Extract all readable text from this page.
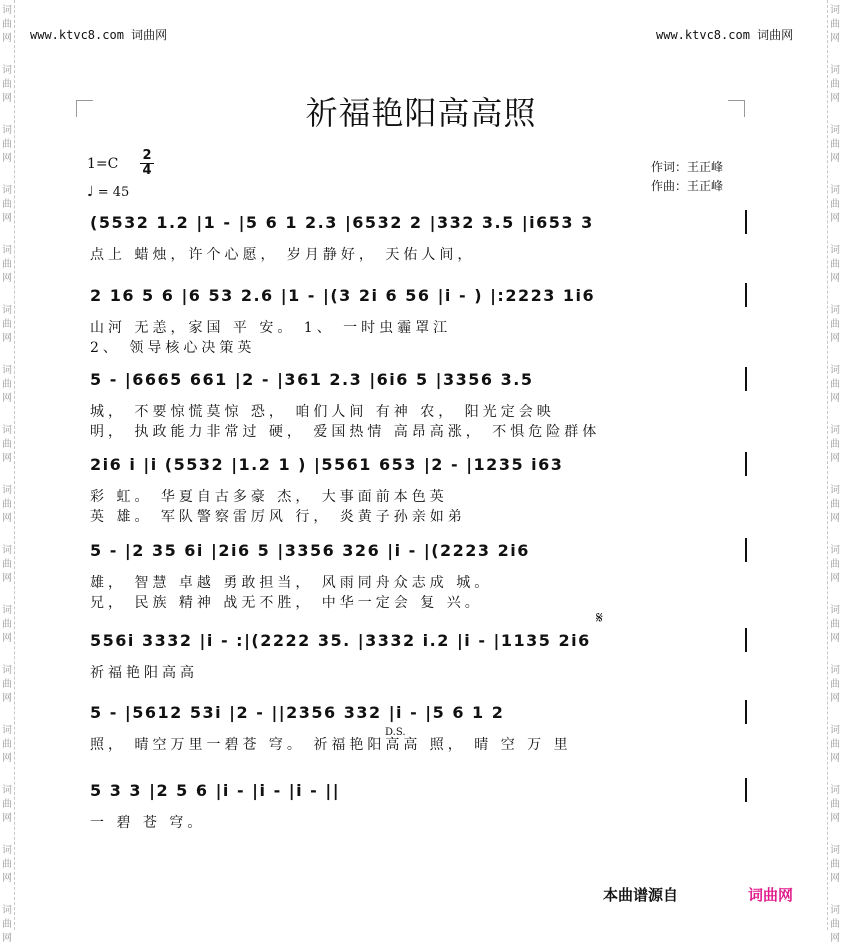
词
曲
网
词
曲
网
词
曲
网
词
曲
网
词
曲
网
词
曲
网
词
曲
网
词
曲
网
词
曲
网
词
曲
网
词
曲
网
词
曲
网
词
曲
网
词
曲
网
词
曲
网
词
曲
网
词
曲
网
词
曲
网
词
曲
网
词
曲
网
词
曲
网
词
曲
网
词
曲
网
词
曲
网
词
曲
网
词
曲
网
词
曲
网
词
曲
网
词
曲
网
词
曲
网
词
曲
网
词
曲
网
www.ktvc8.com 词曲网	www.ktvc8.com 词曲网
祈福艳阳高高照
1=C
2
4
♩ = 45
作词：王正峰
作曲：王正峰
(5532 1.2 |1 - |5 6 1 2.3 |6532 2 |332 3.5 |i653 3
点上 蜡烛，许个心愿， 岁月静好， 天佑人间，
2 16 5 6 |6 53 2.6 |1 - |(3 2i 6 56 |i - ) |:2223 1i6
山河 无恙，家国 平 安。 1、 一时虫霾罩江
2、 领导核心决策英
5 - |6665 661 |2 - |361 2.3 |6i6 5 |3356 3.5
城， 不要惊慌莫惊 恐， 咱们人间 有神 农， 阳光定会映
明， 执政能力非常过 硬， 爱国热情 高昂高涨， 不惧危险群体
2i6 i |i (5532 |1.2 1 ) |5561 653 |2 - |1235 i63
彩 虹。 华夏自古多豪 杰， 大事面前本色英
英 雄。 军队警察雷厉风 行， 炎黄子孙亲如弟
5 - |2 35 6i |2i6 5 |3356 326 |i - |(2223 2i6
雄， 智慧 卓越 勇敢担当， 风雨同舟众志成 城。
兄， 民族 精神 战无不胜， 中华一定会 复 兴。
556i 3332 |i - :|(2222 35. |3332 i.2 |i - |1135 2i6
祈福艳阳高高
5 - |5612 53i |2 - ||2356 332 |i - |5 6 1 2
照， 晴空万里一碧苍 穹。 祈福艳阳高高 照， 晴 空 万 里
5 3 3 |2 5 6 |i - |i - |i - ||
一 碧 苍 穹。
𝄋
D.S.
本曲谱源自	词曲网
